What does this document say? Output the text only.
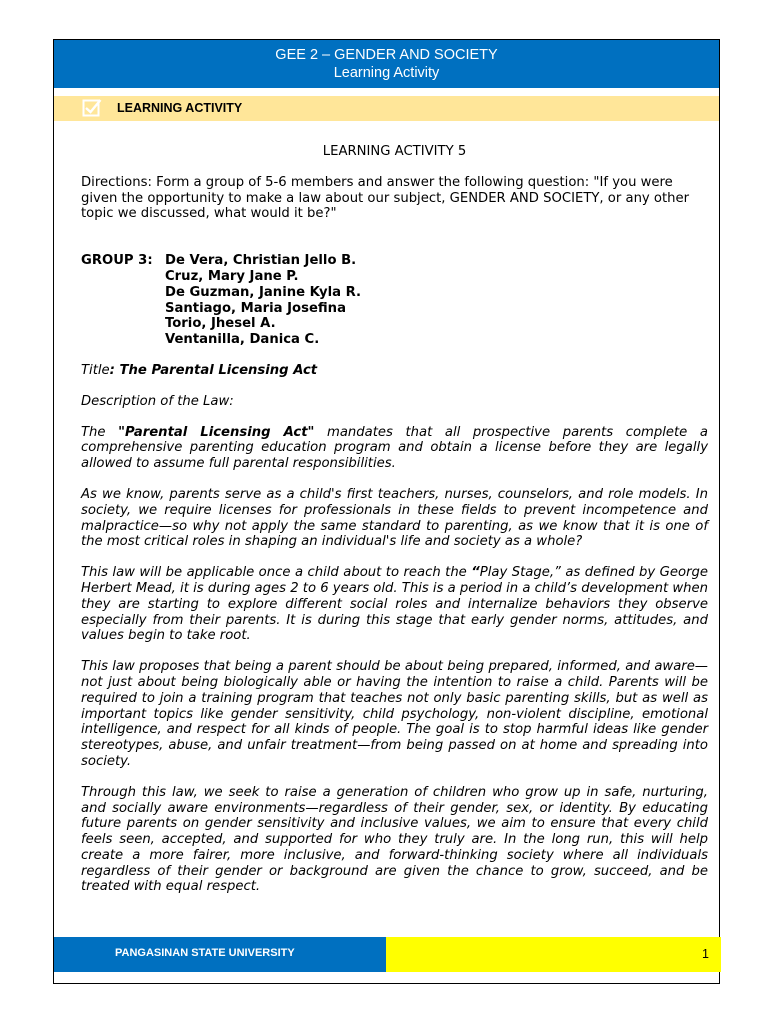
GEE 2 – GENDER AND SOCIETY
Learning Activity
LEARNING ACTIVITY

LEARNING ACTIVITY 5

Directions: Form a group of 5-6 members and answer the following question: "If you were given the opportunity to make a law about our subject, GENDER AND SOCIETY, or any other topic we discussed, what would it be?"

GROUP 3: De Vera, Christian Jello B.
Cruz, Mary Jane P.
De Guzman, Janine Kyla R.
Santiago, Maria Josefina
Torio, Jhesel A.
Ventanilla, Danica C.

Title: The Parental Licensing Act

Description of the Law:

The "Parental Licensing Act" mandates that all prospective parents complete a comprehensive parenting education program and obtain a license before they are legally allowed to assume full parental responsibilities.

As we know, parents serve as a child's first teachers, nurses, counselors, and role models. In society, we require licenses for professionals in these fields to prevent incompetence and malpractice—so why not apply the same standard to parenting, as we know that it is one of the most critical roles in shaping an individual's life and society as a whole?

This law will be applicable once a child about to reach the “Play Stage,” as defined by George Herbert Mead, it is during ages 2 to 6 years old. This is a period in a child’s development when they are starting to explore different social roles and internalize behaviors they observe especially from their parents. It is during this stage that early gender norms, attitudes, and values begin to take root.

This law proposes that being a parent should be about being prepared, informed, and aware—not just about being biologically able or having the intention to raise a child. Parents will be required to join a training program that teaches not only basic parenting skills, but as well as important topics like gender sensitivity, child psychology, non-violent discipline, emotional intelligence, and respect for all kinds of people. The goal is to stop harmful ideas like gender stereotypes, abuse, and unfair treatment—from being passed on at home and spreading into society.

Through this law, we seek to raise a generation of children who grow up in safe, nurturing, and socially aware environments—regardless of their gender, sex, or identity. By educating future parents on gender sensitivity and inclusive values, we aim to ensure that every child feels seen, accepted, and supported for who they truly are. In the long run, this will help create a more fairer, more inclusive, and forward-thinking society where all individuals regardless of their gender or background are given the chance to grow, succeed, and be treated with equal respect.

PANGASINAN STATE UNIVERSITY	1
